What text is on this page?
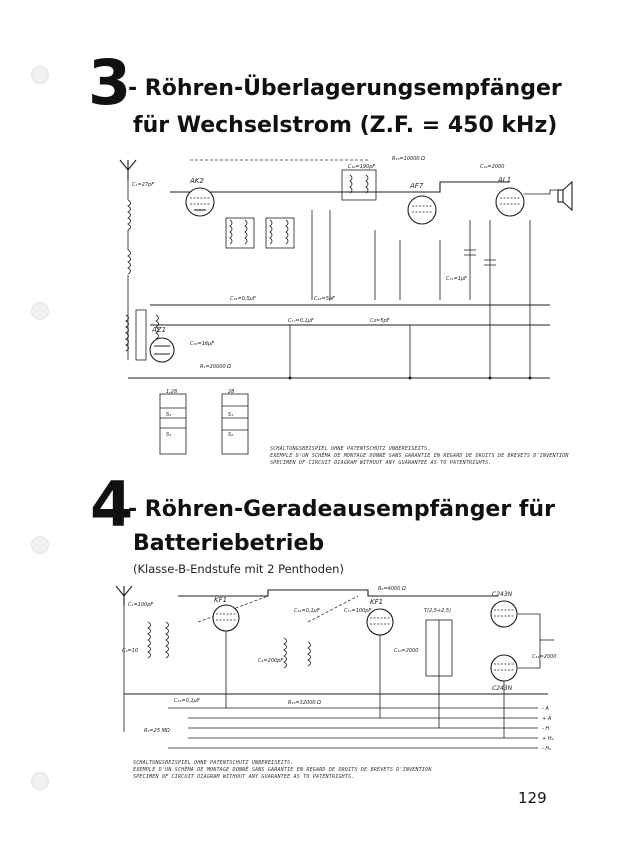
3
- Röhren-Überlagerungsempfänger
für Wechselstrom (Z.F. = 450 kHz)
C₁=27pF	AK2
C₁₀=190pF
AF7
AL1
C₂₂=2000
R₁₂=10000 Ω
C₂₁=1μF
C₁₅=5pF
C₂₅=0,5μF
C₁₇=0,1μF	Cs=5pF
AZ1
C₃₀=16μF
R₁=20000 Ω
1,28	28
S₂
S₁
S₁
S₂
SCHALTUNGSBEISPIEL OHNE PATENTSCHUTZ UNBEREISEITS.
EXEMPLE D'UN SCHÉMA DE MONTAGE DONNÉ SANS GARANTIE EN REGARD DE DROITS DE BREVETS D'INVENTION
SPECIMEN OF CIRCUIT DIAGRAM WITHOUT ANY GUARANTEE AS TO PATENTRIGHTS.
4
- Röhren-Geradeausempfänger für
Batteriebetrieb
(Klasse-B-Endstufe mit 2 Penthoden)
C₁=100pF
C₂=10
KF1	KF1
T(2,5+2,5)
C243N
C243N
C₁₅=2000
R₅=4000 Ω
C₁₆=0,1μF	C₁₇=100pF
C₁₀=2000
C₆=200pF
R₁₂=32000 Ω
C₁₃=0,1μF
R₄=25 MΩ
- A
+ A
- H
+ H₂
- H₂
SCHALTUNGSBEISPIEL OHNE PATENTSCHUTZ UNBEREISEITS.
EXEMPLE D'UN SCHÉMA DE MONTAGE DONNÉ SANS GARANTIE EN REGARD DE DROITS DE BREVETS D'INVENTION
SPECIMEN OF CIRCUIT DIAGRAM WITHOUT ANY GUARANTEE AS TO PATENTRIGHTS.
129
